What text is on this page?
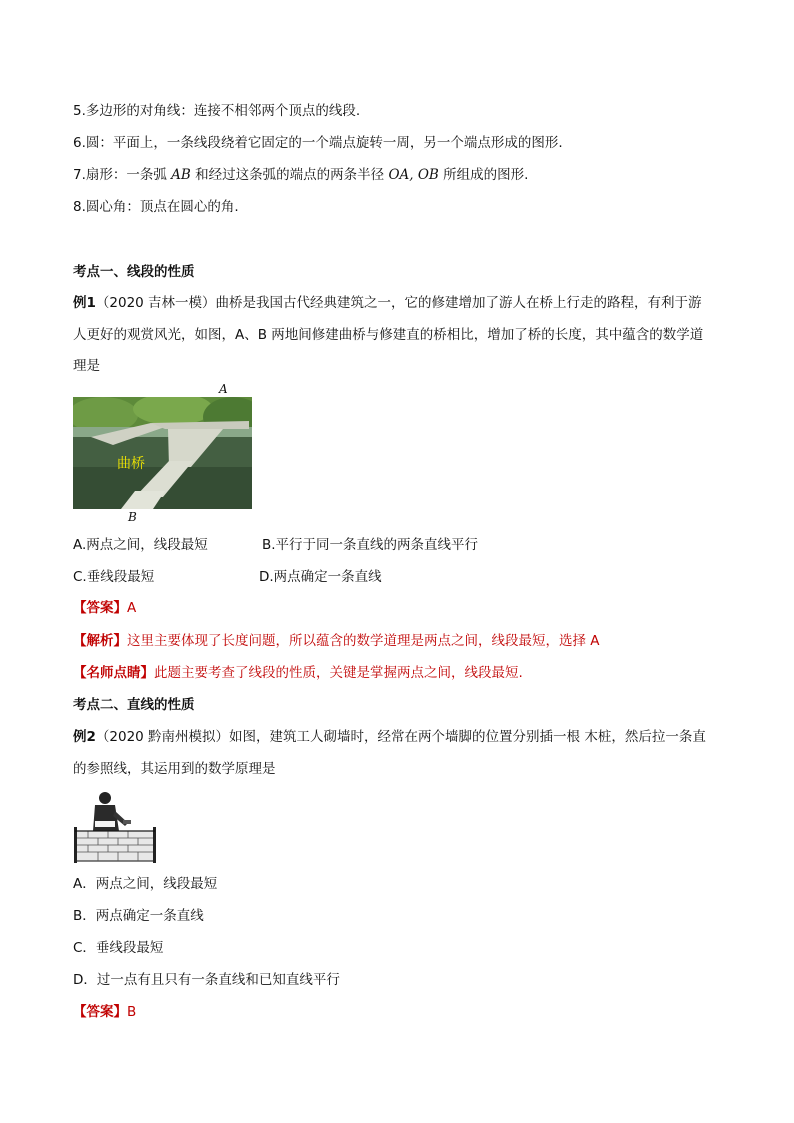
5.多边形的对角线：连接不相邻两个顶点的线段.
6.圆：平面上，一条线段绕着它固定的一个端点旋转一周，另一个端点形成的图形.
7.扇形：一条弧 AB 和经过这条弧的端点的两条半径 OA, OB 所组成的图形.
8.圆心角：顶点在圆心的角.
考点一、线段的性质
例1（2020 吉林一模）曲桥是我国古代经典建筑之一，它的修建增加了游人在桥上行走的路程，有利于游
人更好的观赏风光，如图，A、B 两地间修建曲桥与修建直的桥相比，增加了桥的长度，其中蕴含的数学道
理是
A
曲桥
B
A.两点之间，线段最短	B.平行于同一条直线的两条直线平行
C.垂线段最短	D.两点确定一条直线
【答案】A
【解析】这里主要体现了长度问题，所以蕴含的数学道理是两点之间，线段最短，选择 A
【名师点睛】此题主要考查了线段的性质，关键是掌握两点之间，线段最短.
考点二、直线的性质
例2（2020 黔南州模拟）如图，建筑工人砌墙时，经常在两个墙脚的位置分别插一根 木桩，然后拉一条直
的参照线，其运用到的数学原理是
A．两点之间，线段最短
B．两点确定一条直线
C．垂线段最短
D．过一点有且只有一条直线和已知直线平行
【答案】B
